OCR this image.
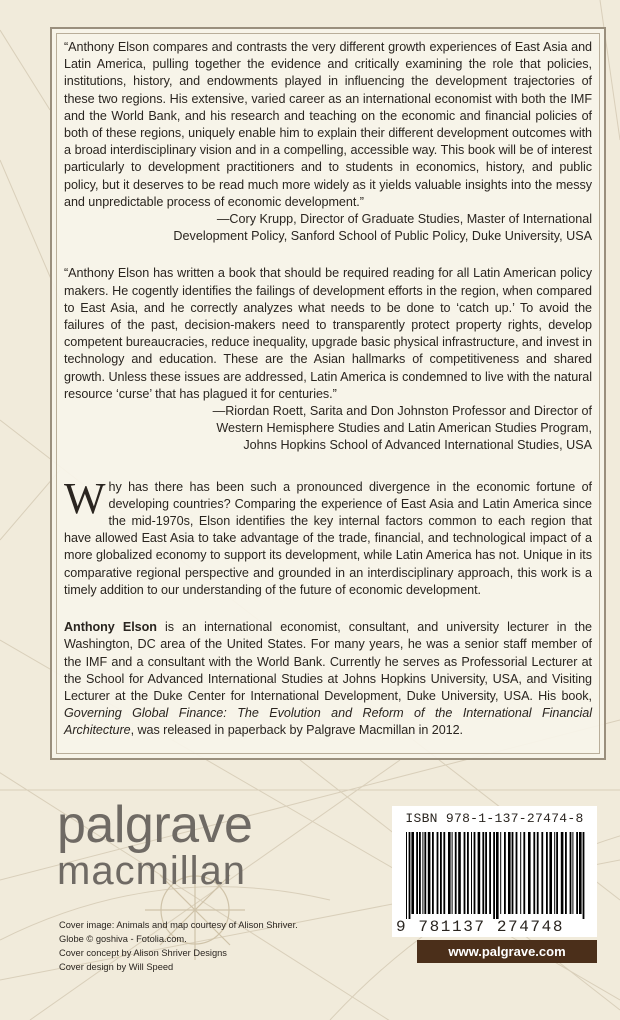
“Anthony Elson compares and contrasts the very different growth experiences of East Asia and Latin America, pulling together the evidence and critically examining the role that policies, institutions, history, and endowments played in influencing the development trajectories of these two regions. His extensive, varied career as an international economist with both the IMF and the World Bank, and his research and teaching on the economic and financial policies of both of these regions, uniquely enable him to explain their different development outcomes with a broad interdisciplinary vision and in a compelling, accessible way. This book will be of interest particularly to development practitioners and to students in economics, history, and public policy, but it deserves to be read much more widely as it yields valuable insights into the messy and unpredictable process of economic development.”

—Cory Krupp, Director of Graduate Studies, Master of International

Development Policy, Sanford School of Public Policy, Duke University, USA

“Anthony Elson has written a book that should be required reading for all Latin American policy makers. He cogently identifies the failings of development efforts in the region, when compared to East Asia, and he correctly analyzes what needs to be done to ‘catch up.’ To avoid the failures of the past, decision-makers need to transparently protect property rights, develop competent bureaucracies, reduce inequality, upgrade basic physical infrastructure, and invest in technology and education. These are the Asian hallmarks of competitiveness and shared growth. Unless these issues are addressed, Latin America is condemned to live with the natural resource ‘curse’ that has plagued it for centuries.”

—Riordan Roett, Sarita and Don Johnston Professor and Director of

Western Hemisphere Studies and Latin American Studies Program,

Johns Hopkins School of Advanced International Studies, USA

Why has there has been such a pronounced divergence in the economic fortune of developing countries? Comparing the experience of East Asia and Latin America since the mid-1970s, Elson identifies the key internal factors common to each region that have allowed East Asia to take advantage of the trade, financial, and technological impact of a more globalized economy to support its development, while Latin America has not. Unique in its comparative regional perspective and grounded in an interdisciplinary approach, this work is a timely addition to our understanding of the future of economic development.

Anthony Elson is an international economist, consultant, and university lecturer in the Washington, DC area of the United States. For many years, he was a senior staff member of the IMF and a consultant with the World Bank. Currently he serves as Professorial Lecturer at the School for Advanced International Studies at Johns Hopkins University, USA, and Visiting Lecturer at the Duke Center for International Development, Duke University, USA. His book, Governing Global Finance: The Evolution and Reform of the International Financial Architecture, was released in paperback by Palgrave Macmillan in 2012.

palgrave
macmillan
Cover image: Animals and map courtesy of Alison Shriver.
Globe © goshiva - Fotolia.com.
Cover concept by Alison Shriver Designs
Cover design by Will Speed
ISBN 978-1-137-27474-8
9 781137 274748
www.palgrave.com
